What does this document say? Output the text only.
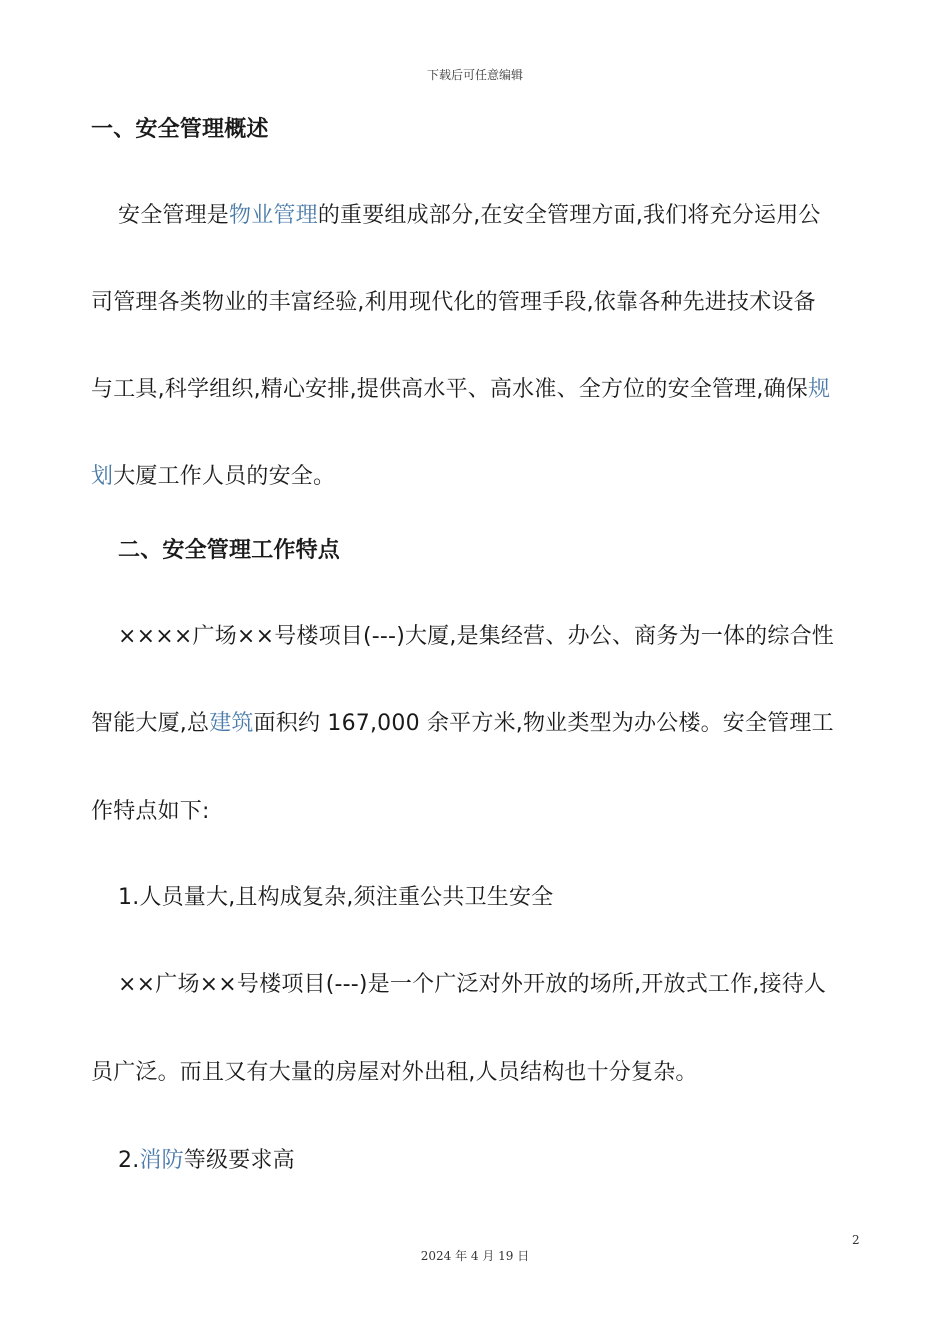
下载后可任意编辑
一、安全管理概述
安全管理是物业管理的重要组成部分,在安全管理方面,我们将充分运用公
司管理各类物业的丰富经验,利用现代化的管理手段,依靠各种先进技术设备
与工具,科学组织,精心安排,提供高水平、高水准、全方位的安全管理,确保规
划大厦工作人员的安全。
二、安全管理工作特点
××××广场××号楼项目(---)大厦,是集经营、办公、商务为一体的综合性
智能大厦,总建筑面积约 167,000 余平方米,物业类型为办公楼。安全管理工
作特点如下:
1.人员量大,且构成复杂,须注重公共卫生安全
××广场××号楼项目(---)是一个广泛对外开放的场所,开放式工作,接待人
员广泛。而且又有大量的房屋对外出租,人员结构也十分复杂。
2.消防等级要求高
2
2024 年 4 月 19 日
